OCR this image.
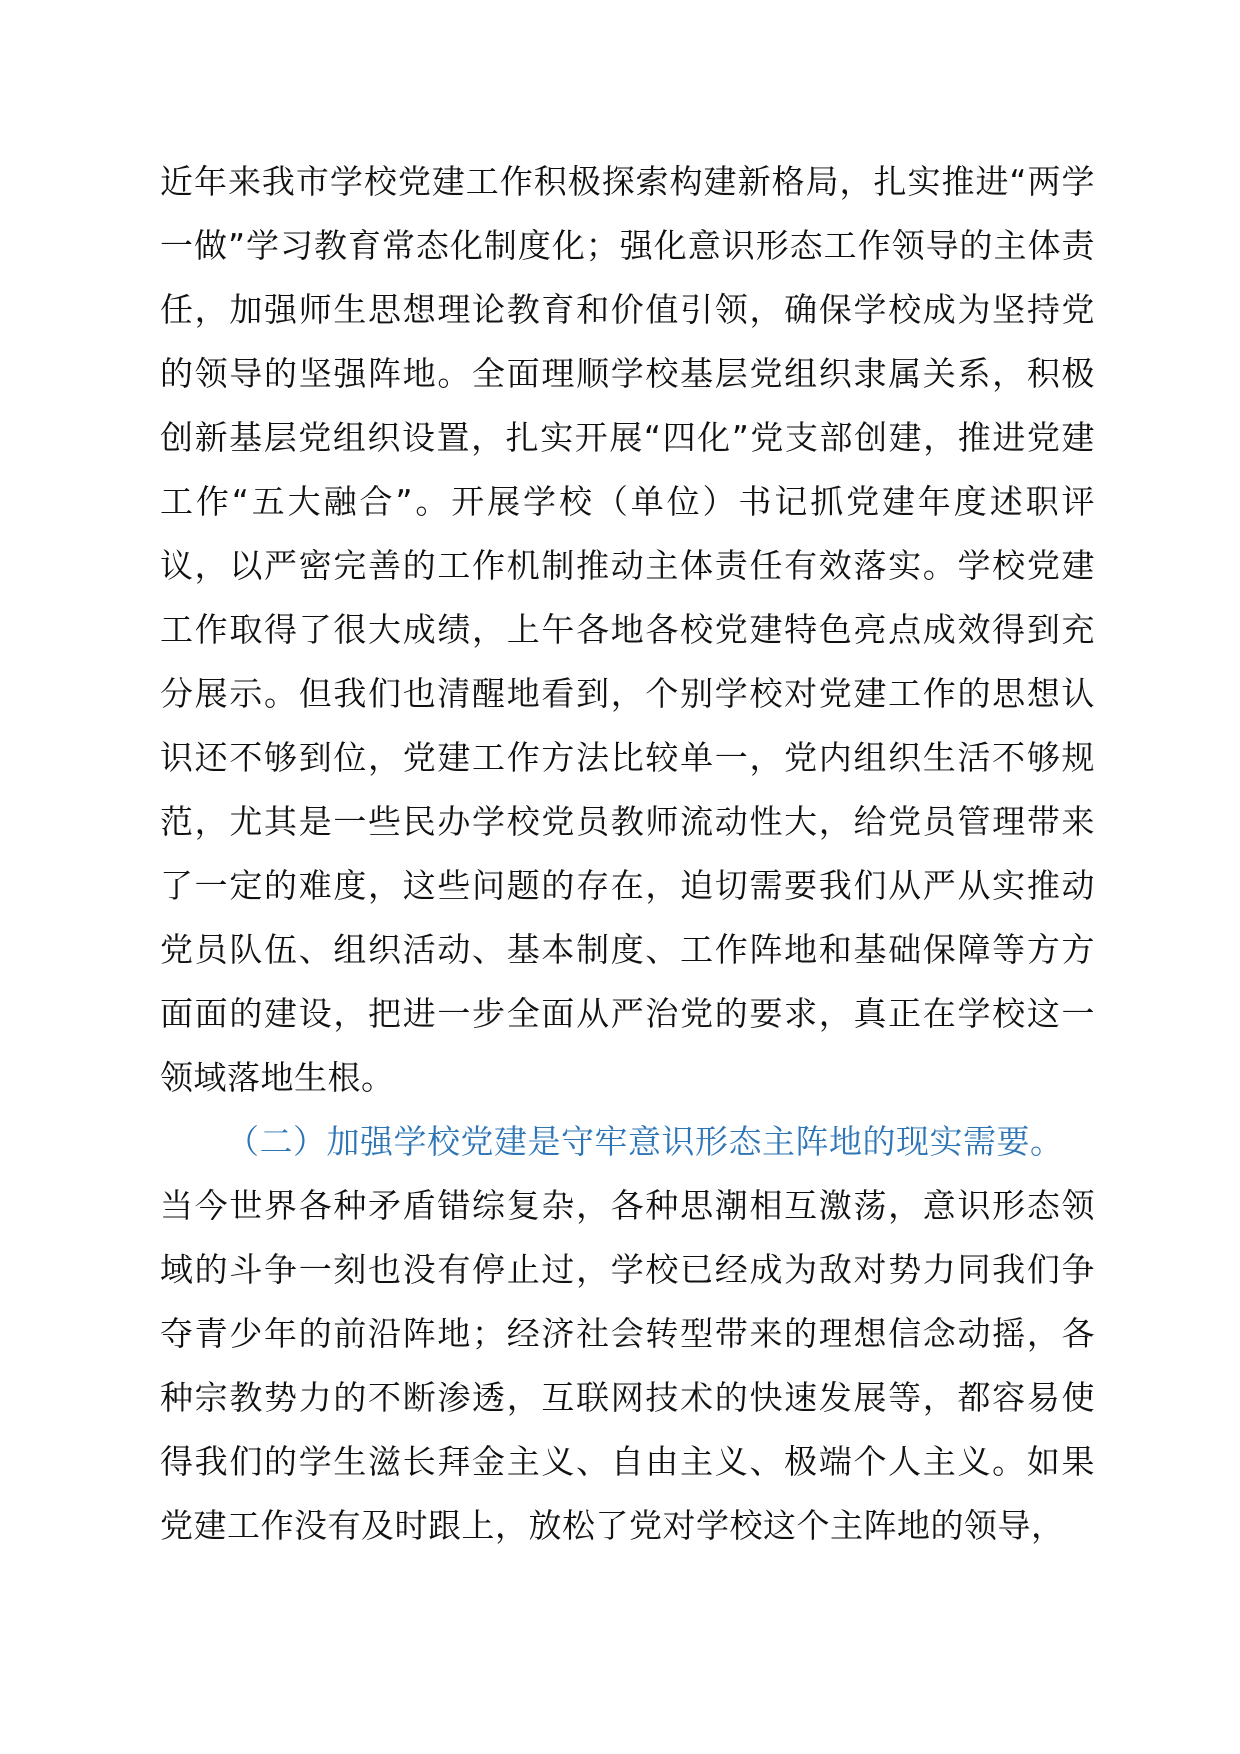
近年来我市学校党建工作积极探索构建新格局，扎实推进“两学一做”学习教育常态化制度化；强化意识形态工作领导的主体责任，加强师生思想理论教育和价值引领，确保学校成为坚持党的领导的坚强阵地。全面理顺学校基层党组织隶属关系，积极创新基层党组织设置，扎实开展“四化”党支部创建，推进党建工作“五大融合”。开展学校（单位）书记抓党建年度述职评议，以严密完善的工作机制推动主体责任有效落实。学校党建工作取得了很大成绩，上午各地各校党建特色亮点成效得到充分展示。但我们也清醒地看到，个别学校对党建工作的思想认识还不够到位，党建工作方法比较单一，党内组织生活不够规范，尤其是一些民办学校党员教师流动性大，给党员管理带来了一定的难度，这些问题的存在，迫切需要我们从严从实推动党员队伍、组织活动、基本制度、工作阵地和基础保障等方方面面的建设，把进一步全面从严治党的要求，真正在学校这一领域落地生根。

（二）加强学校党建是守牢意识形态主阵地的现实需要。
当今世界各种矛盾错综复杂，各种思潮相互激荡，意识形态领域的斗争一刻也没有停止过，学校已经成为敌对势力同我们争夺青少年的前沿阵地；经济社会转型带来的理想信念动摇，各种宗教势力的不断渗透，互联网技术的快速发展等，都容易使得我们的学生滋长拜金主义、自由主义、极端个人主义。如果党建工作没有及时跟上，放松了党对学校这个主阵地的领导，
